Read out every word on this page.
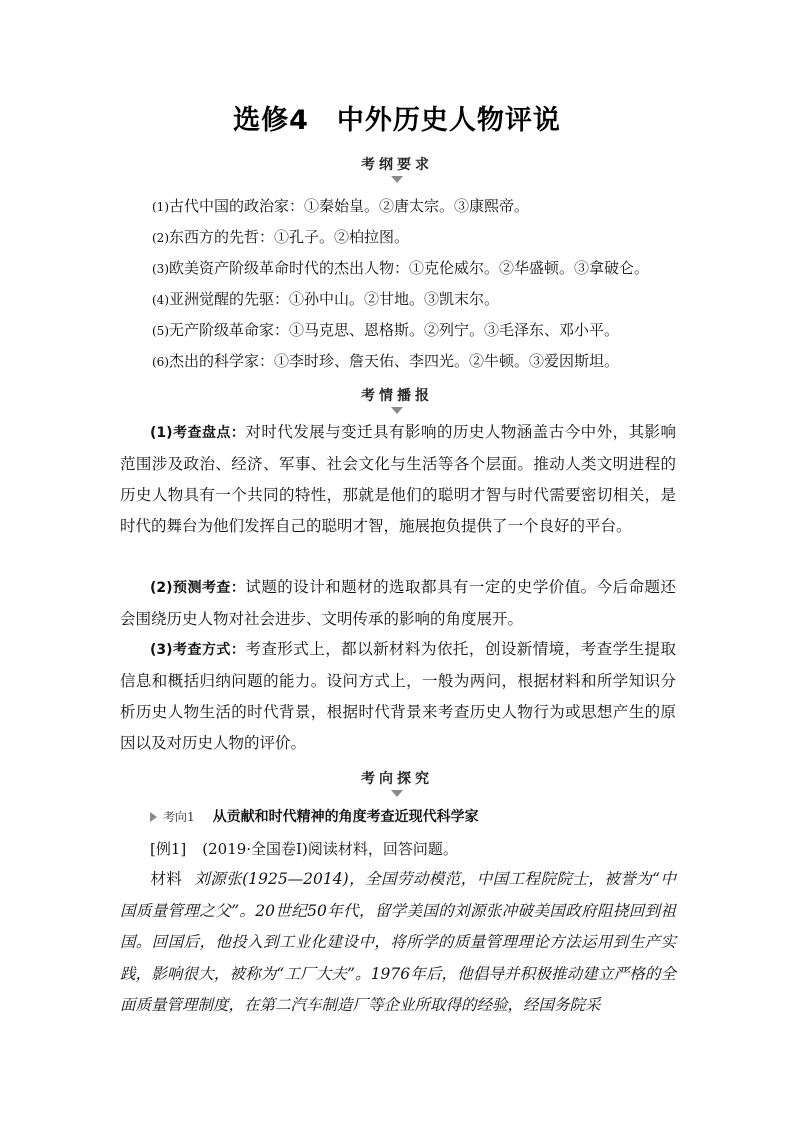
选修4　中外历史人物评说
考纲要求
(1)古代中国的政治家：①秦始皇。②唐太宗。③康熙帝。
(2)东西方的先哲：①孔子。②柏拉图。
(3)欧美资产阶级革命时代的杰出人物：①克伦威尔。②华盛顿。③拿破仑。
(4)亚洲觉醒的先驱：①孙中山。②甘地。③凯末尔。
(5)无产阶级革命家：①马克思、恩格斯。②列宁。③毛泽东、邓小平。
(6)杰出的科学家：①李时珍、詹天佑、李四光。②牛顿。③爱因斯坦。
考情播报
(1)考查盘点：对时代发展与变迁具有影响的历史人物涵盖古今中外，其影响范围涉及政治、经济、军事、社会文化与生活等各个层面。推动人类文明进程的历史人物具有一个共同的特性，那就是他们的聪明才智与时代需要密切相关，是时代的舞台为他们发挥自己的聪明才智，施展抱负提供了一个良好的平台。
(2)预测考查：试题的设计和题材的选取都具有一定的史学价值。今后命题还会围绕历史人物对社会进步、文明传承的影响的角度展开。
(3)考查方式：考查形式上，都以新材料为依托，创设新情境，考查学生提取信息和概括归纳问题的能力。设问方式上，一般为两问，根据材料和所学知识分析历史人物生活的时代背景，根据时代背景来考查历史人物行为或思想产生的原因以及对历史人物的评价。
考向探究
考向1 从贡献和时代精神的角度考查近现代科学家
[例1] (2019·全国卷Ⅰ)阅读材料，回答问题。
材料 刘源张(1925—2014)，全国劳动模范，中国工程院院士，被誉为“中国质量管理之父”。20世纪50年代，留学美国的刘源张冲破美国政府阻挠回到祖国。回国后，他投入到工业化建设中，将所学的质量管理理论方法运用到生产实践，影响很大，被称为“工厂大夫”。1976年后，他倡导并积极推动建立严格的全面质量管理制度，在第二汽车制造厂等企业所取得的经验，经国务院采
